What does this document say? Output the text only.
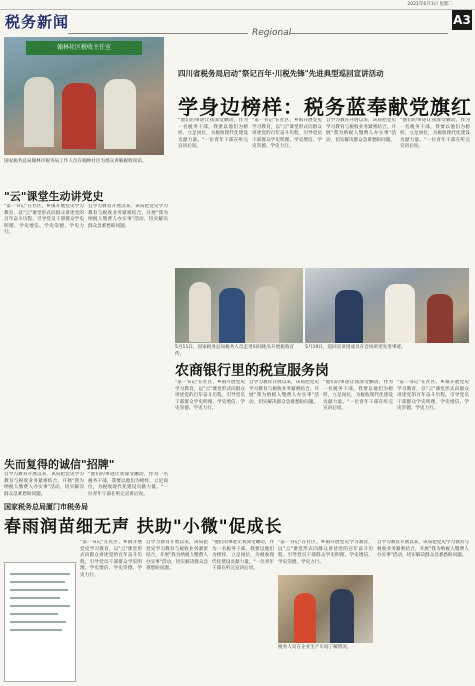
2021年6月1日 星期二
A3
税务新闻
Regional
翰林社区税收主任室
国家税务总局翰林市税务局工作人员在翰林社区为群众讲解税收知识。
"云"课堂生动讲党史
"第一书记"在社区、乡镇开展党史学习教育，以"云"课堂形式向群众讲述党的百年奋斗历程，引导党员干部群众学史明理、学史增信、学史崇德、学史力行。
自学习教育开展以来，该局把党史学习教育与税收业务紧密结合，开展"我为纳税人缴费人办实事"活动，切实解决群众急难愁盼问题。
四川省税务局启动"祭记百年·川税先锋"先进典型巡回宣讲活动
学身边榜样：税务蓝奉献党旗红
"他们的事迹让我深受触动，作为一名税务干部，我要以他们为榜样，立足岗位，为税收现代化建设贡献力量。"一位青年干部在听完宣讲后说。
"第一书记"在社区、乡镇开展党史学习教育，以"云"课堂形式向群众讲述党的百年奋斗历程，引导党员干部群众学史明理、学史增信、学史崇德、学史力行。
自学习教育开展以来，该局把党史学习教育与税收业务紧密结合，开展"我为纳税人缴费人办实事"活动，切实解决群众急难愁盼问题。
"他们的事迹让我深受触动，作为一名税务干部，我要以他们为榜样，立足岗位，为税收现代化建设贡献力量。"一位青年干部在听完宣讲后说。
5月11日，国家税务总局税务人员走进田间地头开展税收宣传。
5月19日，巡回宣讲团成员在会场讲述先进事迹。
农商银行里的税宣服务岗
"第一书记"在社区、乡镇开展党史学习教育，以"云"课堂形式向群众讲述党的百年奋斗历程，引导党员干部群众学史明理、学史增信、学史崇德、学史力行。
自学习教育开展以来，该局把党史学习教育与税收业务紧密结合，开展"我为纳税人缴费人办实事"活动，切实解决群众急难愁盼问题。
"他们的事迹让我深受触动，作为一名税务干部，我要以他们为榜样，立足岗位，为税收现代化建设贡献力量。"一位青年干部在听完宣讲后说。
"第一书记"在社区、乡镇开展党史学习教育，以"云"课堂形式向群众讲述党的百年奋斗历程，引导党员干部群众学史明理、学史增信、学史崇德、学史力行。
失而复得的诚信"招牌"
自学习教育开展以来，该局把党史学习教育与税收业务紧密结合，开展"我为纳税人缴费人办实事"活动，切实解决群众急难愁盼问题。
"他们的事迹让我深受触动，作为一名税务干部，我要以他们为榜样，立足岗位，为税收现代化建设贡献力量。"一位青年干部在听完宣讲后说。
国家税务总局厦门市税务局
春雨润苗细无声 扶助"小微"促成长
"第一书记"在社区、乡镇开展党史学习教育，以"云"课堂形式向群众讲述党的百年奋斗历程，引导党员干部群众学史明理、学史增信、学史崇德、学史力行。
自学习教育开展以来，该局把党史学习教育与税收业务紧密结合，开展"我为纳税人缴费人办实事"活动，切实解决群众急难愁盼问题。
"他们的事迹让我深受触动，作为一名税务干部，我要以他们为榜样，立足岗位，为税收现代化建设贡献力量。"一位青年干部在听完宣讲后说。
税务人员在企业生产车间了解情况。
"第一书记"在社区、乡镇开展党史学习教育，以"云"课堂形式向群众讲述党的百年奋斗历程，引导党员干部群众学史明理、学史增信、学史崇德、学史力行。
自学习教育开展以来，该局把党史学习教育与税收业务紧密结合，开展"我为纳税人缴费人办实事"活动，切实解决群众急难愁盼问题。
